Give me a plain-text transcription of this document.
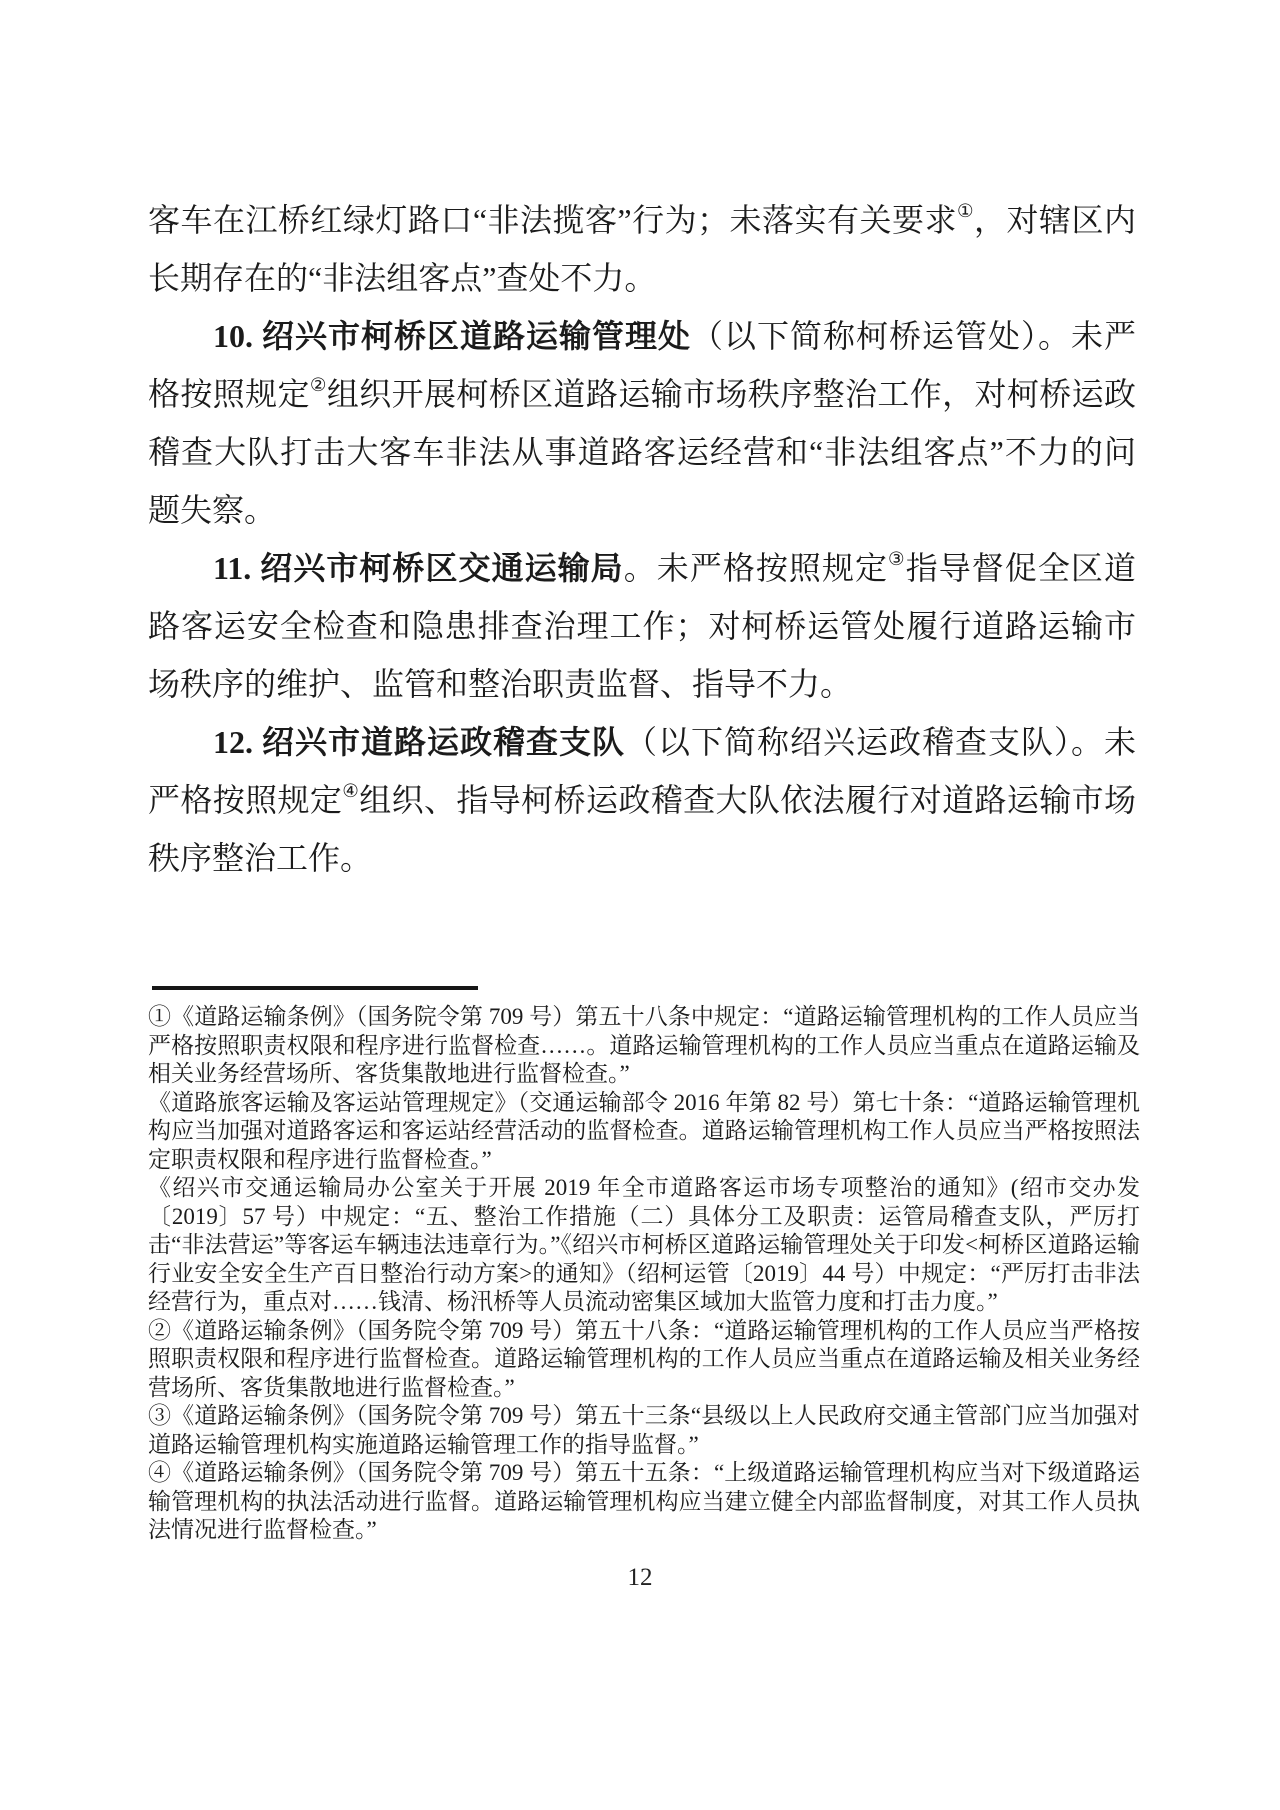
客车在江桥红绿灯路口“非法揽客”行为；未落实有关要求①，对辖区内长期存在的“非法组客点”查处不力。

10. 绍兴市柯桥区道路运输管理处（以下简称柯桥运管处）。未严格按照规定②组织开展柯桥区道路运输市场秩序整治工作，对柯桥运政稽查大队打击大客车非法从事道路客运经营和“非法组客点”不力的问题失察。

11. 绍兴市柯桥区交通运输局。未严格按照规定③指导督促全区道路客运安全检查和隐患排查治理工作；对柯桥运管处履行道路运输市场秩序的维护、监管和整治职责监督、指导不力。

12. 绍兴市道路运政稽查支队（以下简称绍兴运政稽查支队）。未严格按照规定④组织、指导柯桥运政稽查大队依法履行对道路运输市场秩序整治工作。

①《道路运输条例》（国务院令第 709 号）第五十八条中规定：“道路运输管理机构的工作人员应当严格按照职责权限和程序进行监督检查……。道路运输管理机构的工作人员应当重点在道路运输及相关业务经营场所、客货集散地进行监督检查。”

《道路旅客运输及客运站管理规定》（交通运输部令 2016 年第 82 号）第七十条：“道路运输管理机构应当加强对道路客运和客运站经营活动的监督检查。道路运输管理机构工作人员应当严格按照法定职责权限和程序进行监督检查。”

《绍兴市交通运输局办公室关于开展 2019 年全市道路客运市场专项整治的通知》(绍市交办发〔2019〕57 号）中规定：“五、整治工作措施（二）具体分工及职责：运管局稽查支队，严厉打击“非法营运”等客运车辆违法违章行为。”《绍兴市柯桥区道路运输管理处关于印发<柯桥区道路运输行业安全安全生产百日整治行动方案>的通知》（绍柯运管〔2019〕44 号）中规定：“严厉打击非法经营行为，重点对……钱清、杨汛桥等人员流动密集区域加大监管力度和打击力度。”

②《道路运输条例》（国务院令第 709 号）第五十八条：“道路运输管理机构的工作人员应当严格按照职责权限和程序进行监督检查。道路运输管理机构的工作人员应当重点在道路运输及相关业务经营场所、客货集散地进行监督检查。”

③《道路运输条例》（国务院令第 709 号）第五十三条“县级以上人民政府交通主管部门应当加强对道路运输管理机构实施道路运输管理工作的指导监督。”

④《道路运输条例》（国务院令第 709 号）第五十五条：“上级道路运输管理机构应当对下级道路运输管理机构的执法活动进行监督。道路运输管理机构应当建立健全内部监督制度，对其工作人员执法情况进行监督检查。”

12
